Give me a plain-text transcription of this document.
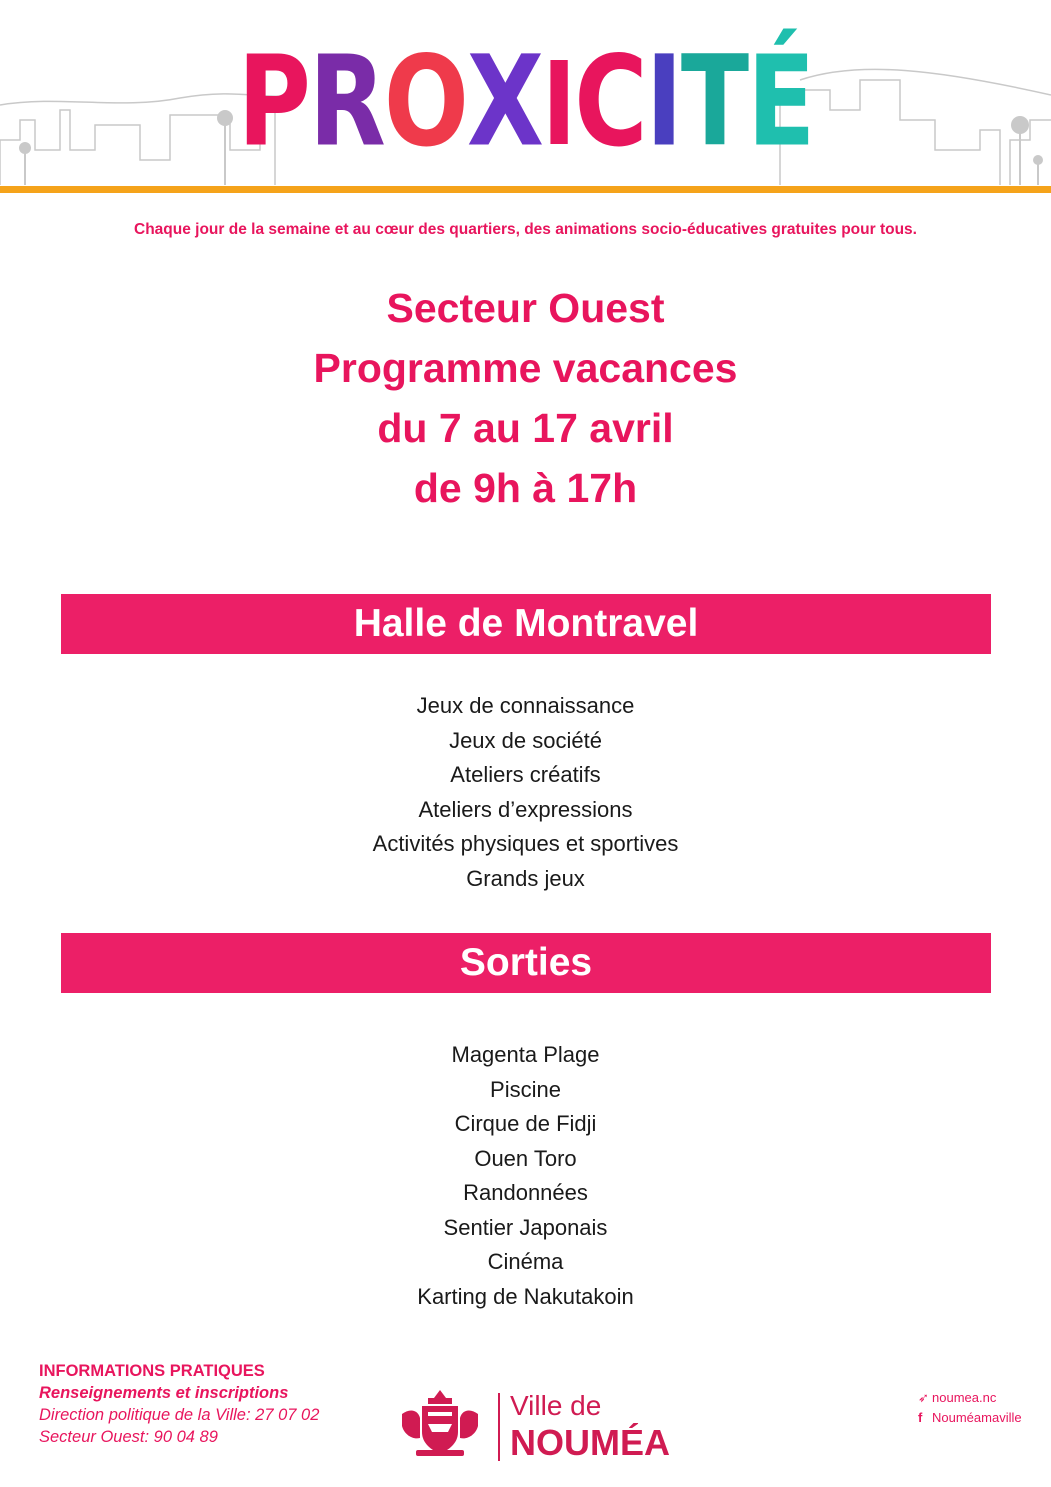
PROXICITÉ
Chaque jour de la semaine et au cœur des quartiers, des animations socio-éducatives gratuites pour tous.
Secteur Ouest
Programme vacances
du 7 au 17 avril
de 9h à 17h
Halle de Montravel
Jeux de connaissance
Jeux de société
Ateliers créatifs
Ateliers d’expressions
Activités physiques et sportives
Grands jeux
Sorties
Magenta Plage
Piscine
Cirque de Fidji
Ouen Toro
Randonnées
Sentier Japonais
Cinéma
Karting de Nakutakoin
INFORMATIONS PRATIQUES
Renseignements et inscriptions
Direction politique de la Ville: 27 07 02
Secteur Ouest: 90 04 89
Ville de
NOUMÉA
➶ noumea.nc
f Nouméamaville
